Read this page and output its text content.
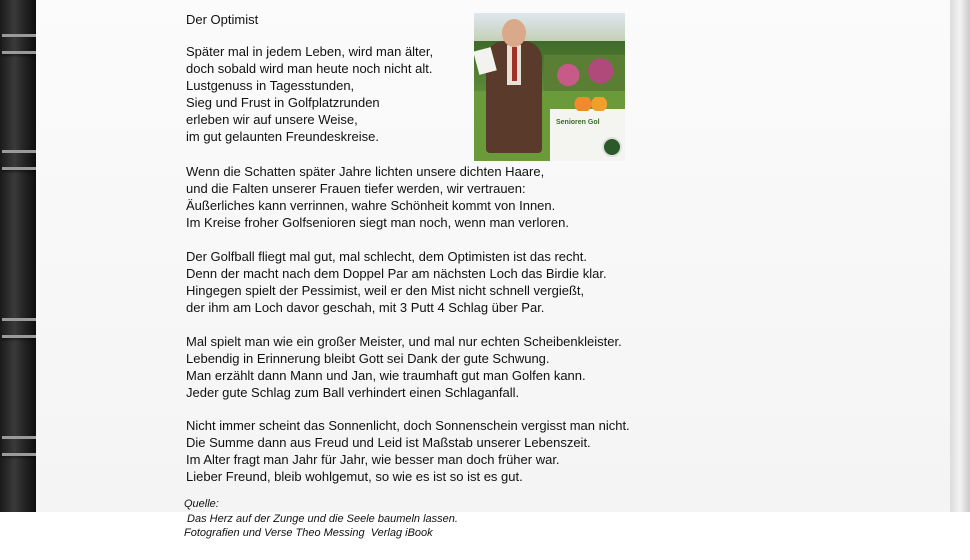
Der Optimist
Später mal in jedem Leben, wird man älter,
doch sobald wird man heute noch nicht alt.
Lustgenuss in Tagesstunden,
Sieg und Frust in Golfplatzrunden
erleben wir auf unsere Weise,
im gut gelaunten Freundeskreise.
Wenn die Schatten später Jahre lichten unsere dichten Haare,
und die Falten unserer Frauen tiefer werden, wir vertrauen:
Äußerliches kann verrinnen, wahre Schönheit kommt von Innen.
Im Kreise froher Golfsenioren siegt man noch, wenn man verloren.
Der Golfball fliegt mal gut, mal schlecht, dem Optimisten ist das recht.
Denn der macht nach dem Doppel Par am nächsten Loch das Birdie klar.
Hingegen spielt der Pessimist, weil er den Mist nicht schnell vergießt,
der ihm am Loch davor geschah, mit 3 Putt 4 Schlag über Par.
Mal spielt man wie ein großer Meister, und mal nur echten Scheibenkleister.
Lebendig in Erinnerung bleibt Gott sei Dank der gute Schwung.
Man erzählt dann Mann und Jan, wie traumhaft gut man Golfen kann.
Jeder gute Schlag zum Ball verhindert einen Schlaganfall.
Nicht immer scheint das Sonnenlicht, doch Sonnenschein vergisst man nicht.
Die Summe dann aus Freud und Leid ist Maßstab unserer Lebenszeit.
Im Alter fragt man Jahr für Jahr, wie besser man doch früher war.
Lieber Freund, bleib wohlgemut, so wie es ist so ist es gut.
Senioren Gol
Quelle:
Das Herz auf der Zunge und die Seele baumeln lassen.
Fotografien und Verse Theo Messing  Verlag iBook
